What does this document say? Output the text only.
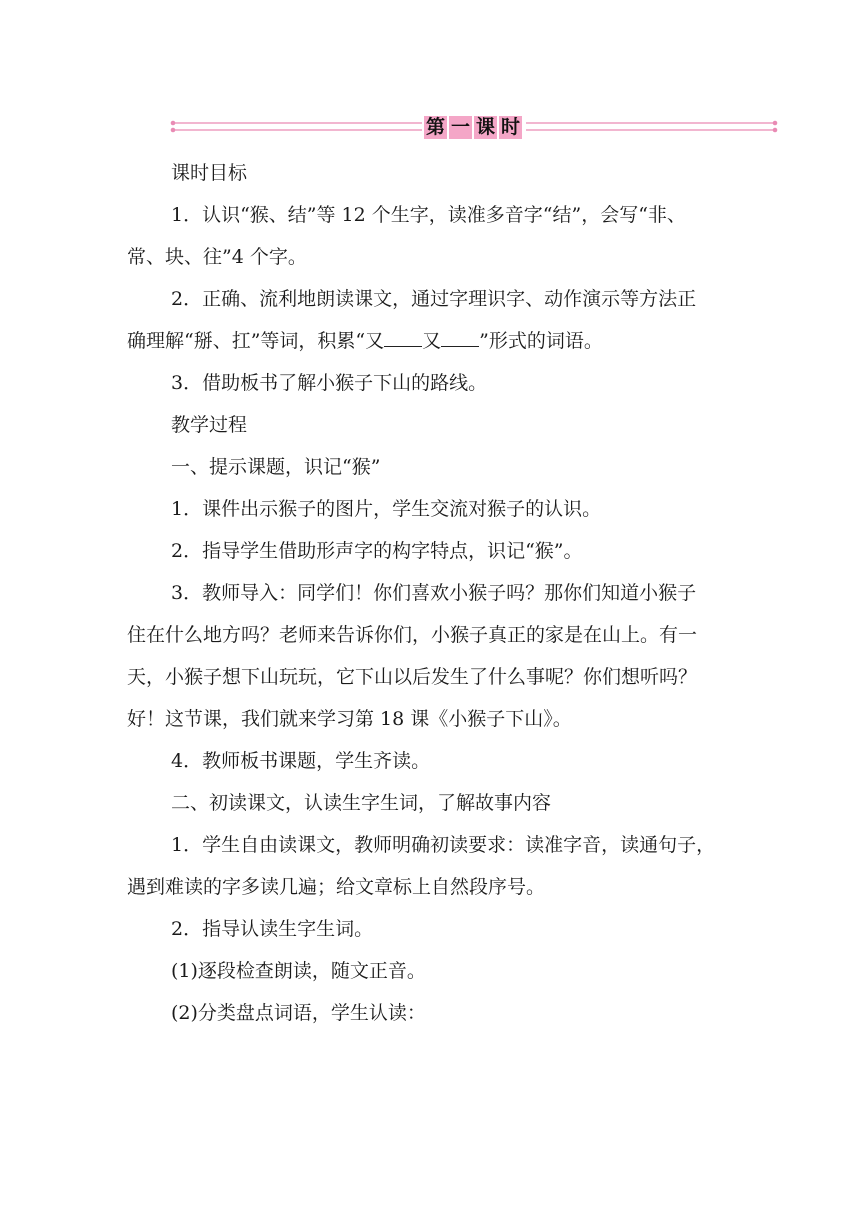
第 一 课 时

课时目标

1．认识“猴、结”等 12 个生字，读准多音字“结”，会写“非、

常、块、往”4 个字。

2．正确、流利地朗读课文，通过字理识字、动作演示等方法正

确理解“掰、扛”等词，积累“又 又 ”形式的词语。

3．借助板书了解小猴子下山的路线。

教学过程

一、提示课题，识记“猴”

1．课件出示猴子的图片，学生交流对猴子的认识。

2．指导学生借助形声字的构字特点，识记“猴”。

3．教师导入：同学们！你们喜欢小猴子吗？那你们知道小猴子

住在什么地方吗？老师来告诉你们，小猴子真正的家是在山上。有一

天，小猴子想下山玩玩，它下山以后发生了什么事呢？你们想听吗？

好！这节课，我们就来学习第 18 课《小猴子下山》。

4．教师板书课题，学生齐读。

二、初读课文，认读生字生词，了解故事内容

1．学生自由读课文，教师明确初读要求：读准字音，读通句子，

遇到难读的字多读几遍；给文章标上自然段序号。

2．指导认读生字生词。

(1)逐段检查朗读，随文正音。

(2)分类盘点词语，学生认读：
